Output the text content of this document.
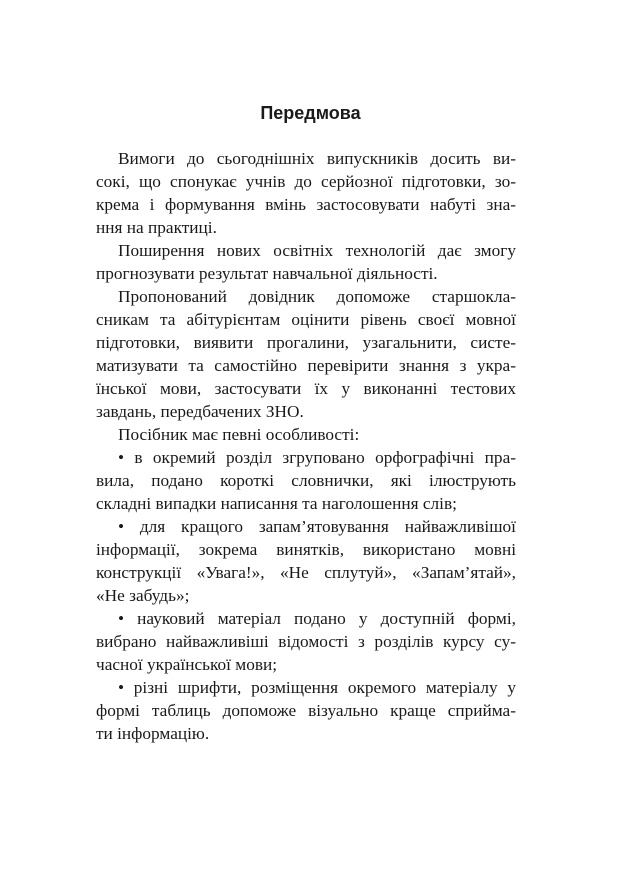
Передмова
Вимоги до сьогоднішніх випускників досить ви-
сокі, що спонукає учнів до серйозної підготовки, зо-
крема і формування вмінь застосовувати набуті зна-
ння на практиці.
Поширення нових освітніх технологій дає змогу
прогнозувати результат навчальної діяльності.
Пропонований довідник допоможе старшокла-
сникам та абітурієнтам оцінити рівень своєї мовної
підготовки, виявити прогалини, узагальнити, систе-
матизувати та самостійно перевірити знання з укра-
їнської мови, застосувати їх у виконанні тестових
завдань, передбачених ЗНО.
Посібник має певні особливості:
• в окремий розділ згруповано орфографічні пра-
вила, подано короткі словнички, які ілюструють
складні випадки написання та наголошення слів;
• для кращого запам’ятовування найважливішої
інформації, зокрема винятків, використано мовні
конструкції «Увага!», «Не сплутуй», «Запам’ятай»,
«Не забудь»;
• науковий матеріал подано у доступній формі,
вибрано найважливіші відомості з розділів курсу су-
часної української мови;
• різні шрифти, розміщення окремого матеріалу у
формі таблиць допоможе візуально краще сприйма-
ти інформацію.
